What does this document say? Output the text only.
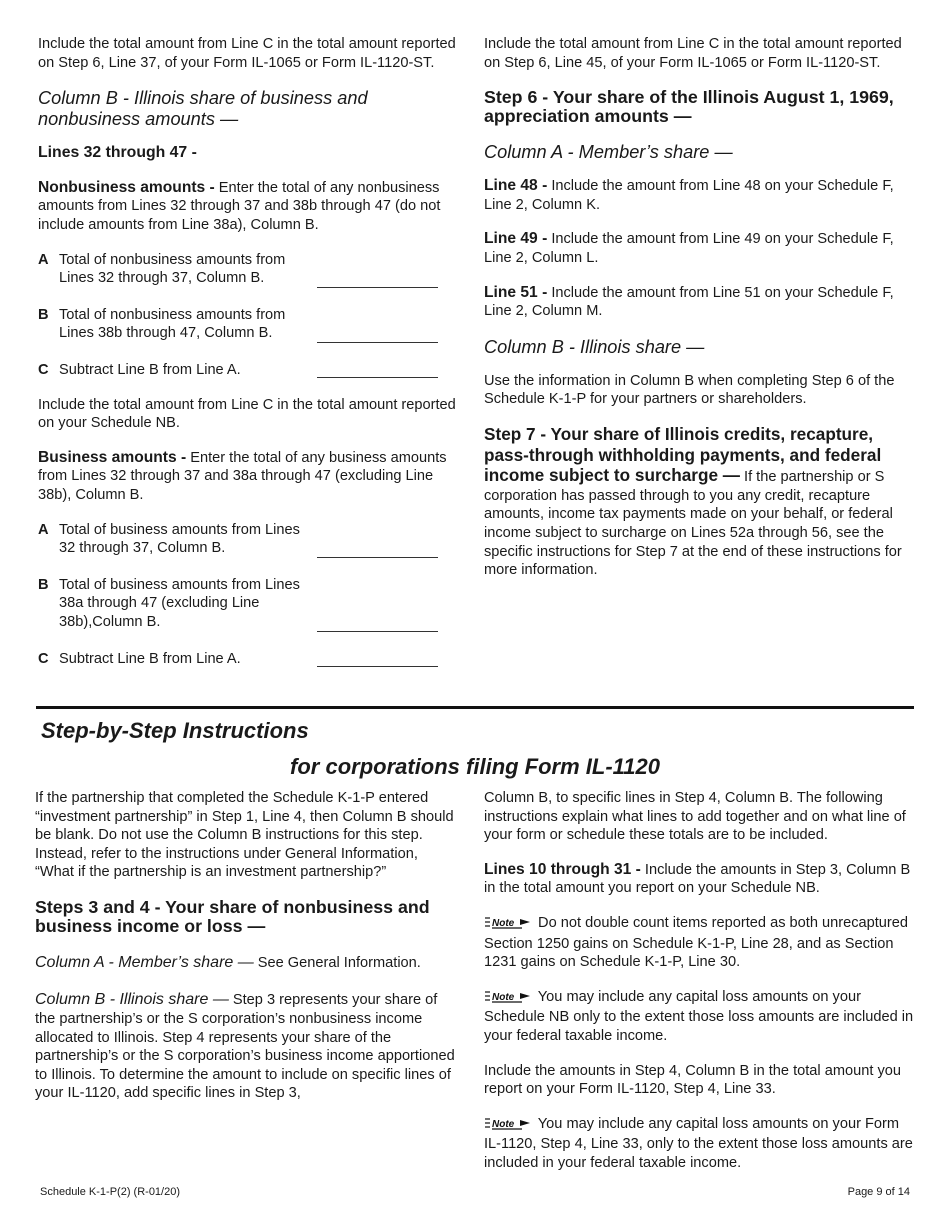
Include the total amount from Line C in the total amount reported on Step 6, Line 37, of your Form IL-1065 or Form IL-1120-ST.

Column B - Illinois share of business and nonbusiness amounts —

Lines 32 through 47 -

Nonbusiness amounts - Enter the total of any nonbusiness amounts from Lines 32 through 37 and 38b through 47 (do not include amounts from Line 38a), Column B.

A Total of nonbusiness amounts from Lines 32 through 37, Column B.
B Total of nonbusiness amounts from Lines 38b through 47, Column B.
C Subtract Line B from Line A.

Include the total amount from Line C in the total amount reported on your Schedule NB.

Business amounts - Enter the total of any business amounts from Lines 32 through 37 and 38a through 47 (excluding Line 38b), Column B.

A Total of business amounts from Lines 32 through 37, Column B.
B Total of business amounts from Lines 38a through 47 (excluding Line 38b),Column B.
C Subtract Line B from Line A.

Include the total amount from Line C in the total amount reported on Step 6, Line 45, of your Form IL-1065 or Form IL-1120-ST.

Step 6 - Your share of the Illinois August 1, 1969, appreciation amounts —

Column A - Member’s share —

Line 48 - Include the amount from Line 48 on your Schedule F, Line 2, Column K.

Line 49 - Include the amount from Line 49 on your Schedule F, Line 2, Column L.

Line 51 - Include the amount from Line 51 on your Schedule F, Line 2, Column M.

Column B - Illinois share —

Use the information in Column B when completing Step 6 of the Schedule K-1-P for your partners or shareholders.

Step 7 - Your share of Illinois credits, recapture, pass-through withholding payments, and federal income subject to surcharge — If the partnership or S corporation has passed through to you any credit, recapture amounts, income tax payments made on your behalf, or federal income subject to surcharge on Lines 52a through 56, see the specific instructions for Step 7 at the end of these instructions for more information.

Step-by-Step Instructions
for corporations filing Form IL-1120

If the partnership that completed the Schedule K-1-P entered “investment partnership” in Step 1, Line 4, then Column B should be blank. Do not use the Column B instructions for this step. Instead, refer to the instructions under General Information, “What if the partnership is an investment partnership?”

Steps 3 and 4 - Your share of nonbusiness and business income or loss —

Column A - Member’s share — See General Information.

Column B - Illinois share — Step 3 represents your share of the partnership’s or the S corporation’s nonbusiness income allocated to Illinois. Step 4 represents your share of the partnership’s or the S corporation’s business income apportioned to Illinois. To determine the amount to include on specific lines of your IL-1120, add specific lines in Step 3,

Column B, to specific lines in Step 4, Column B. The following instructions explain what lines to add together and on what line of your form or schedule these totals are to be included.

Lines 10 through 31 - Include the amounts in Step 3, Column B in the total amount you report on your Schedule NB.

Note Do not double count items reported as both unrecaptured Section 1250 gains on Schedule K-1-P, Line 28, and as Section 1231 gains on Schedule K-1-P, Line 30.

Note You may include any capital loss amounts on your Schedule NB only to the extent those loss amounts are included in your federal taxable income.

Include the amounts in Step 4, Column B in the total amount you report on your Form IL-1120, Step 4, Line 33.

Note You may include any capital loss amounts on your Form IL-1120, Step 4, Line 33, only to the extent those loss amounts are included in your federal taxable income.

Schedule K-1-P(2) (R-01/20)	Page 9 of 14
